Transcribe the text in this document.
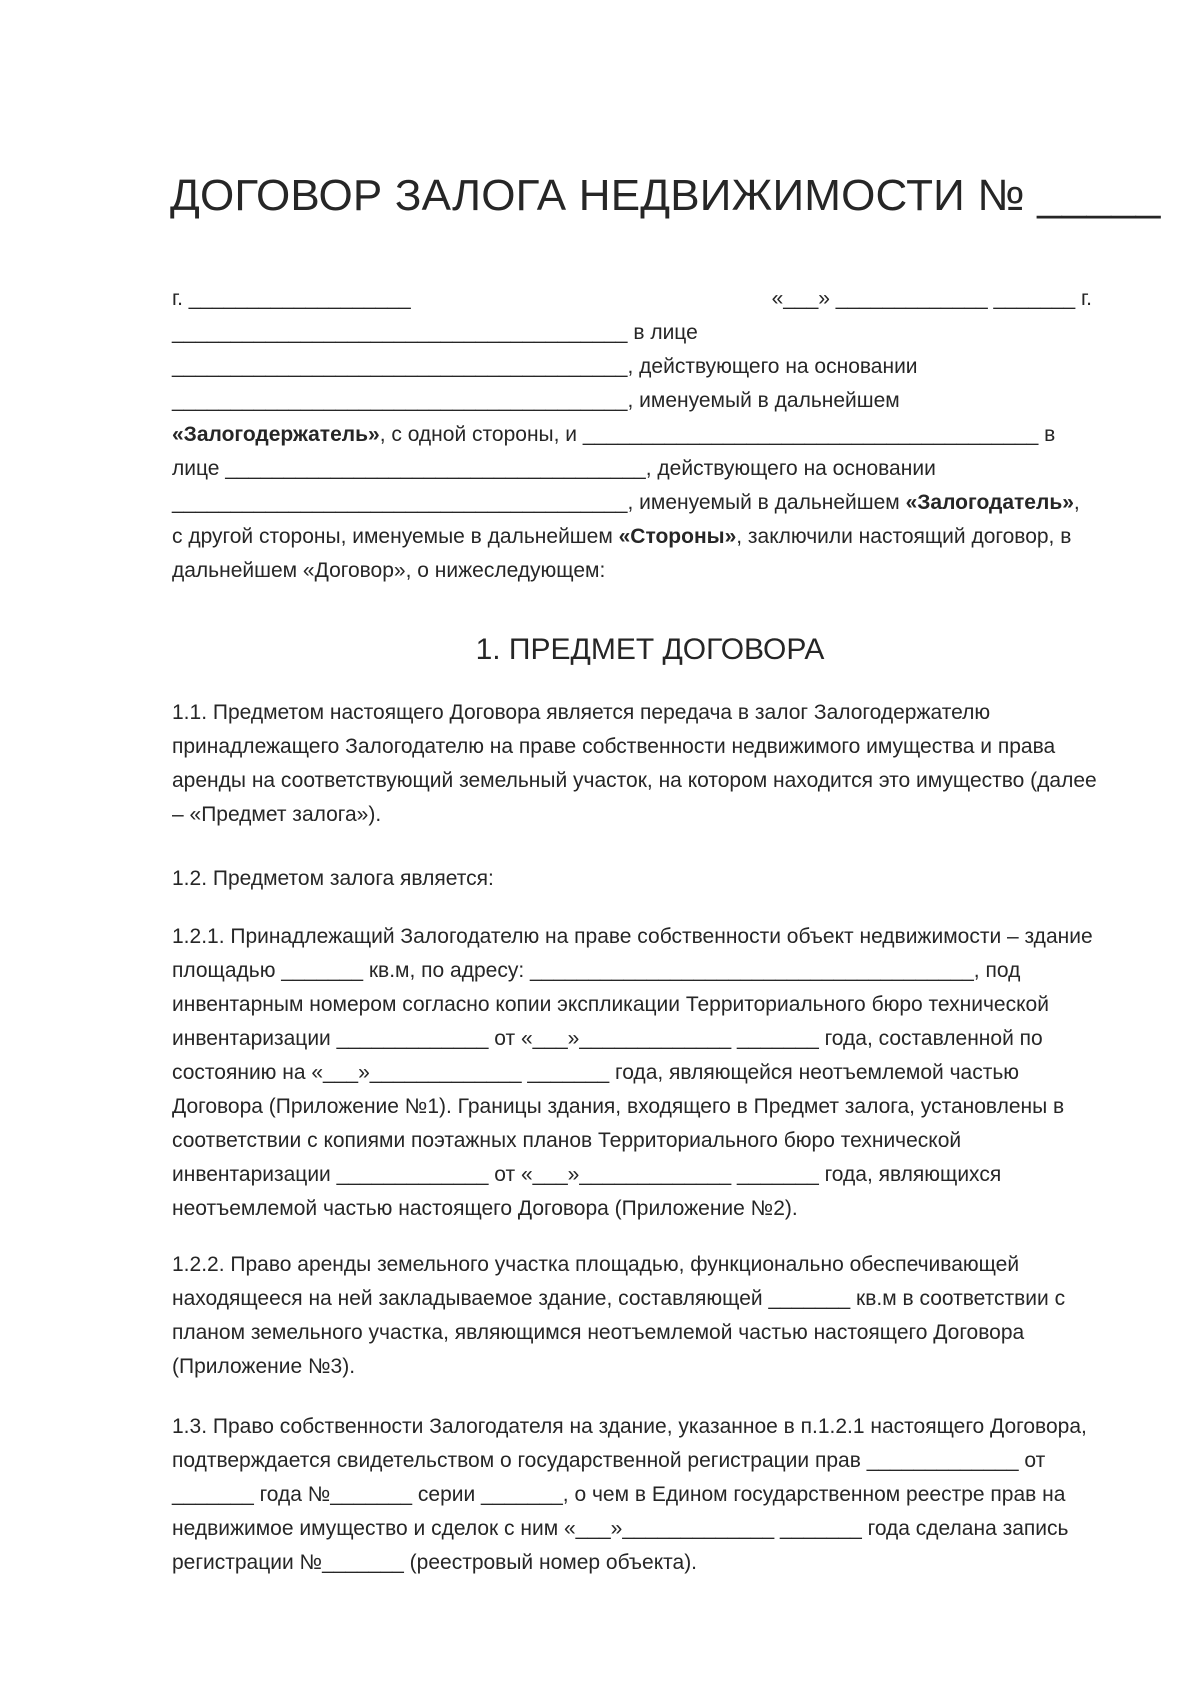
ДОГОВОР ЗАЛОГА НЕДВИЖИМОСТИ № _____
г. ___________________	«___» _____________ _______ г.
_______________________________________ в лице
_______________________________________, действующего на основании
_______________________________________, именуемый в дальнейшем
«Залогодержатель», с одной стороны, и _______________________________________ в
лице ____________________________________, действующего на основании
_______________________________________, именуемый в дальнейшем «Залогодатель»,
с другой стороны, именуемые в дальнейшем «Стороны», заключили настоящий договор, в
дальнейшем «Договор», о нижеследующем:
1. ПРЕДМЕТ ДОГОВОРА
1.1. Предметом настоящего Договора является передача в залог Залогодержателю
принадлежащего Залогодателю на праве собственности недвижимого имущества и права
аренды на соответствующий земельный участок, на котором находится это имущество (далее
– «Предмет залога»).
1.2. Предметом залога является:
1.2.1. Принадлежащий Залогодателю на праве собственности объект недвижимости – здание
площадью _______ кв.м, по адресу: ______________________________________, под
инвентарным номером согласно копии экспликации Территориального бюро технической
инвентаризации _____________ от «___»_____________ _______ года, составленной по
состоянию на «___»_____________ _______ года, являющейся неотъемлемой частью
Договора (Приложение №1). Границы здания, входящего в Предмет залога, установлены в
соответствии с копиями поэтажных планов Территориального бюро технической
инвентаризации _____________ от «___»_____________ _______ года, являющихся
неотъемлемой частью настоящего Договора (Приложение №2).
1.2.2. Право аренды земельного участка площадью, функционально обеспечивающей
находящееся на ней закладываемое здание, составляющей _______ кв.м в соответствии с
планом земельного участка, являющимся неотъемлемой частью настоящего Договора
(Приложение №3).
1.3. Право собственности Залогодателя на здание, указанное в п.1.2.1 настоящего Договора,
подтверждается свидетельством о государственной регистрации прав _____________ от
_______ года №_______ серии _______, о чем в Едином государственном реестре прав на
недвижимое имущество и сделок с ним «___»_____________ _______ года сделана запись
регистрации №_______ (реестровый номер объекта).
